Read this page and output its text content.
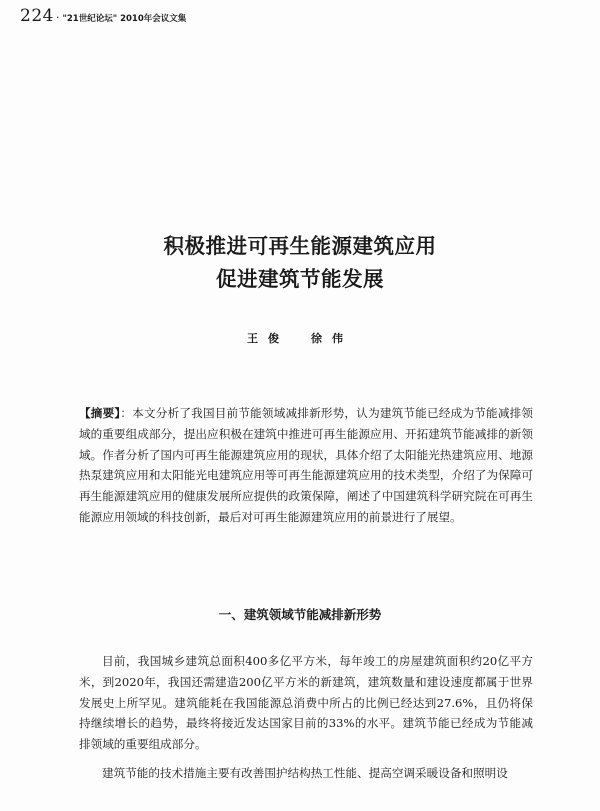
224 · "21世纪论坛" 2010年会议文集
积极推进可再生能源建筑应用
促进建筑节能发展
王俊 徐伟
【摘要】：本文分析了我国目前节能领域减排新形势，认为建筑节能已经成为节能减排领域的重要组成部分，提出应积极在建筑中推进可再生能源应用、开拓建筑节能减排的新领域。作者分析了国内可再生能源建筑应用的现状，具体介绍了太阳能光热建筑应用、地源热泵建筑应用和太阳能光电建筑应用等可再生能源建筑应用的技术类型，介绍了为保障可再生能源建筑应用的健康发展所应提供的政策保障，阐述了中国建筑科学研究院在可再生能源应用领域的科技创新，最后对可再生能源建筑应用的前景进行了展望。
一、建筑领域节能减排新形势

目前，我国城乡建筑总面积400多亿平方米，每年竣工的房屋建筑面积约20亿平方米，到2020年，我国还需建造200亿平方米的新建筑，建筑数量和建设速度都属于世界发展史上所罕见。建筑能耗在我国能源总消费中所占的比例已经达到27.6%，且仍将保持继续增长的趋势，最终将接近发达国家目前的33%的水平。建筑节能已经成为节能减排领域的重要组成部分。

建筑节能的技术措施主要有改善围护结构热工性能、提高空调采暖设备和照明设
